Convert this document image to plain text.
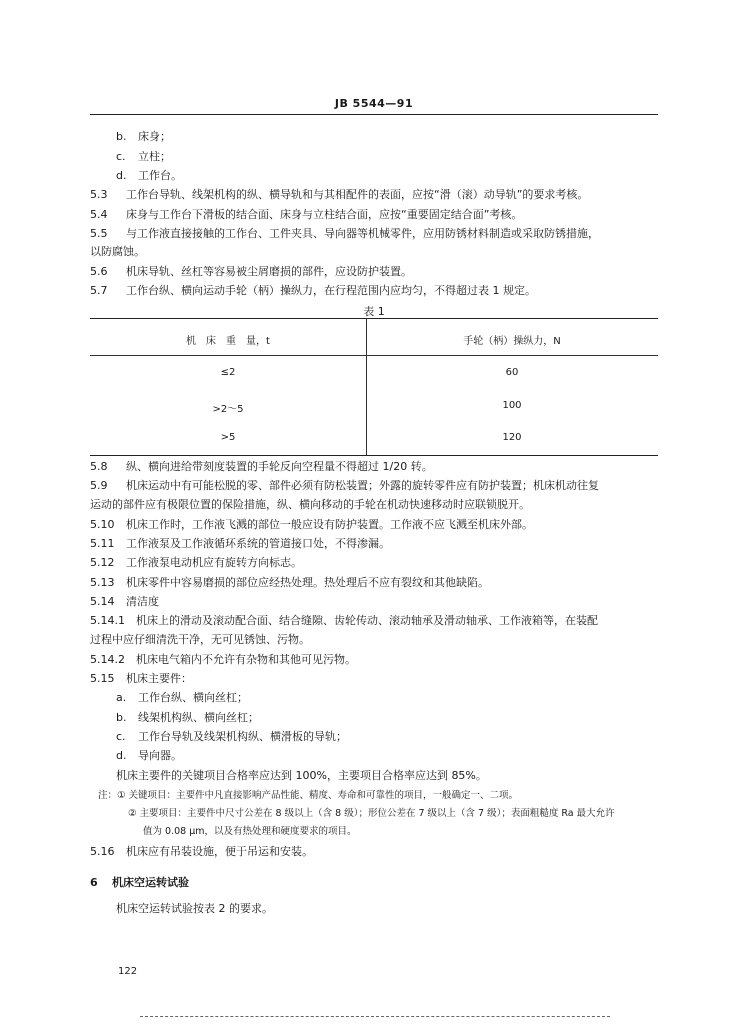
JB 5544—91
b. 床身；
c. 立柱；
d. 工作台。
5.3 工作台导轨、线架机构的纵、横导轨和与其相配件的表面，应按“滑（滚）动导轨”的要求考核。
5.4 床身与工作台下滑板的结合面、床身与立柱结合面，应按“重要固定结合面”考核。
5.5 与工作液直接接触的工作台、工件夹具、导向器等机械零件，应用防锈材料制造或采取防锈措施，
以防腐蚀。
5.6 机床导轨、丝杠等容易被尘屑磨损的部件，应设防护装置。
5.7 工作台纵、横向运动手轮（柄）操纵力，在行程范围内应均匀，不得超过表 1 规定。
表 1
机　床　重　量，t	手轮（柄）操纵力，N
≤2	60
>2～5	100
>5	120
5.8 纵、横向进给带刻度装置的手轮反向空程量不得超过 1/20 转。
5.9 机床运动中有可能松脱的零、部件必须有防松装置；外露的旋转零件应有防护装置；机床机动往复
运动的部件应有极限位置的保险措施，纵、横向移动的手轮在机动快速移动时应联锁脱开。
5.10 机床工作时，工作液飞溅的部位一般应设有防护装置。工作液不应飞溅至机床外部。
5.11 工作液泵及工作液循环系统的管道接口处，不得渗漏。
5.12 工作液泵电动机应有旋转方向标志。
5.13 机床零件中容易磨损的部位应经热处理。热处理后不应有裂纹和其他缺陷。
5.14 清洁度
5.14.1 机床上的滑动及滚动配合面、结合缝隙、齿轮传动、滚动轴承及滑动轴承、工作液箱等，在装配
过程中应仔细清洗干净，无可见锈蚀、污物。
5.14.2 机床电气箱内不允许有杂物和其他可见污物。
5.15 机床主要件：
a. 工作台纵、横向丝杠；
b. 线架机构纵、横向丝杠；
c. 工作台导轨及线架机构纵、横滑板的导轨；
d. 导向器。
机床主要件的关键项目合格率应达到 100%，主要项目合格率应达到 85%。
注：① 关键项目：主要件中凡直接影响产品性能、精度、寿命和可靠性的项目，一般确定一、二项。
② 主要项目：主要件中尺寸公差在 8 级以上（含 8 级）；形位公差在 7 级以上（含 7 级）；表面粗糙度 Ra 最大允许
值为 0.08 μm，以及有热处理和硬度要求的项目。
5.16 机床应有吊装设施，便于吊运和安装。
6 机床空运转试验
机床空运转试验按表 2 的要求。
122
